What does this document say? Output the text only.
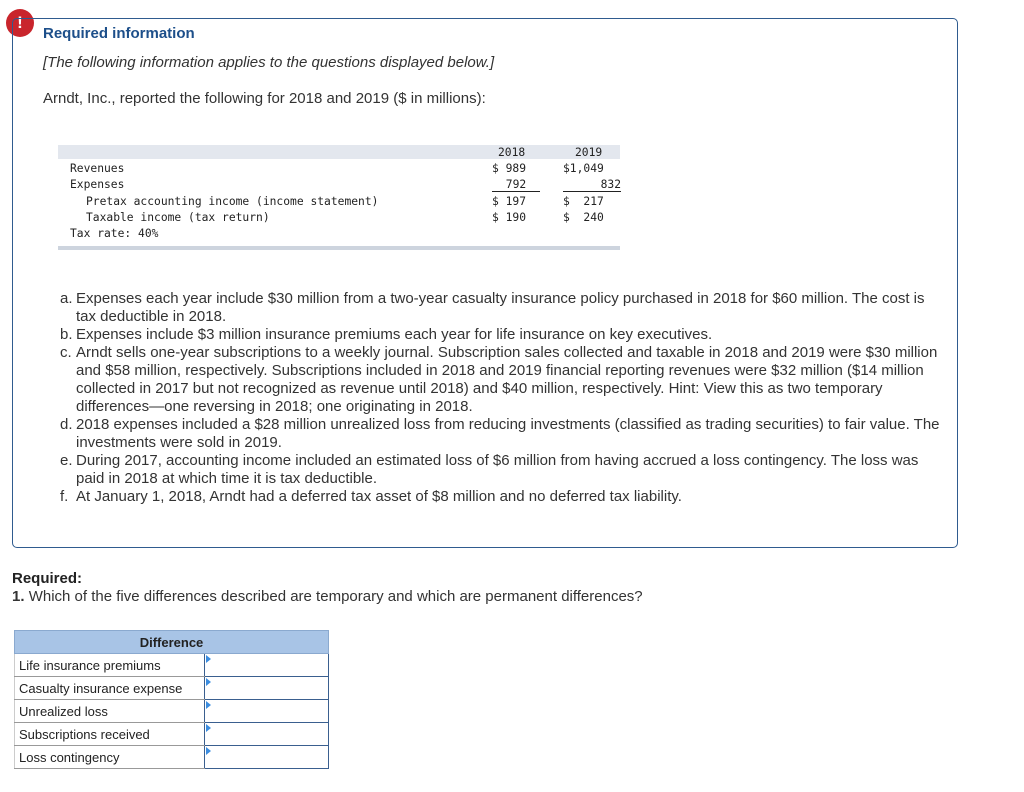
!
Required information
[The following information applies to the questions displayed below.]
Arndt, Inc., reported the following for 2018 and 2019 ($ in millions):
2018	2019
Revenues	$ 989	$1,049
Expenses	792	832
Pretax accounting income (income statement)	$ 197	$  217
Taxable income (tax return)	$ 190	$  240
Tax rate: 40%
a. Expenses each year include $30 million from a two-year casualty insurance policy purchased in 2018 for $60 million. The cost is tax deductible in 2018.
b. Expenses include $3 million insurance premiums each year for life insurance on key executives.
c. Arndt sells one-year subscriptions to a weekly journal. Subscription sales collected and taxable in 2018 and 2019 were $30 million and $58 million, respectively. Subscriptions included in 2018 and 2019 financial reporting revenues were $32 million ($14 million collected in 2017 but not recognized as revenue until 2018) and $40 million, respectively. Hint: View this as two temporary differences—one reversing in 2018; one originating in 2018.
d. 2018 expenses included a $28 million unrealized loss from reducing investments (classified as trading securities) to fair value. The investments were sold in 2019.
e. During 2017, accounting income included an estimated loss of $6 million from having accrued a loss contingency. The loss was paid in 2018 at which time it is tax deductible.
f. At January 1, 2018, Arndt had a deferred tax asset of $8 million and no deferred tax liability.
Required:
1. Which of the five differences described are temporary and which are permanent differences?
Difference	
Life insurance premiums	

Casualty insurance expense	

Unrealized loss	

Subscriptions received	

Loss contingency	
